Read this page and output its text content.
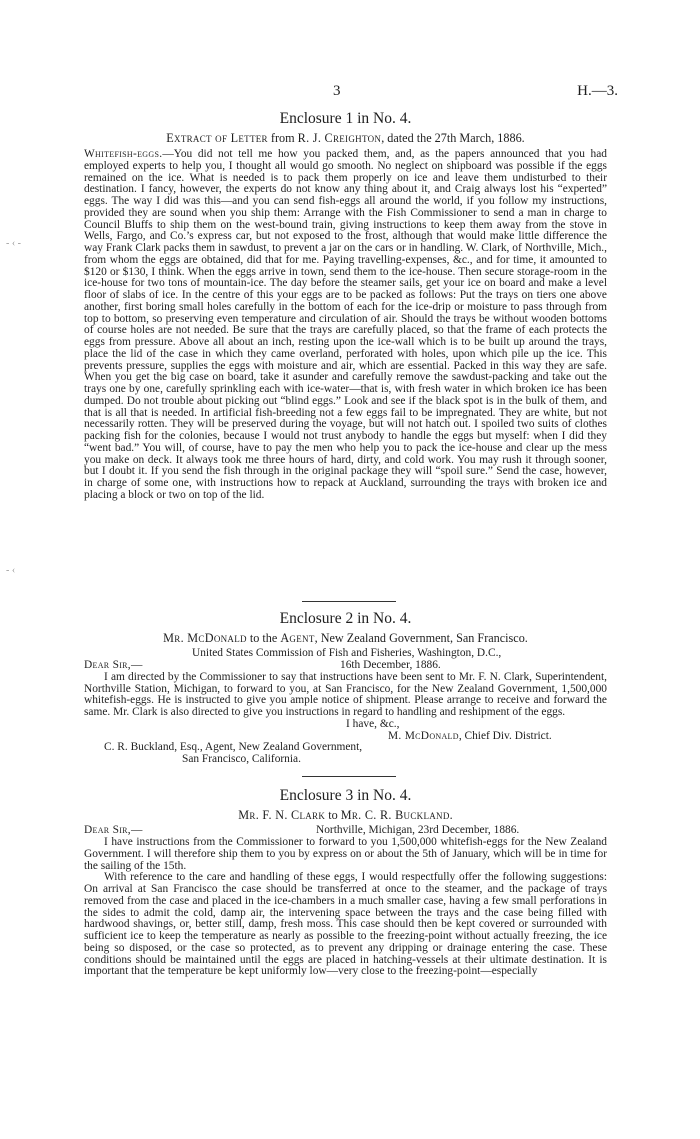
3	H.—3.
- ‹ -
- ‹
Enclosure 1 in No. 4.
Extract of Letter from R. J. Creighton, dated the 27th March, 1886.

Whitefish-eggs.—You did not tell me how you packed them, and, as the papers announced that you had employed experts to help you, I thought all would go smooth. No neglect on shipboard was possible if the eggs remained on the ice. What is needed is to pack them properly on ice and leave them undisturbed to their destination. I fancy, however, the experts do not know any thing about it, and Craig always lost his “experted” eggs. The way I did was this—and you can send fish-eggs all around the world, if you follow my instructions, provided they are sound when you ship them: Arrange with the Fish Commissioner to send a man in charge to Council Bluffs to ship them on the west-bound train, giving instructions to keep them away from the stove in Wells, Fargo, and Co.’s express car, but not exposed to the frost, although that would make little difference the way Frank Clark packs them in sawdust, to prevent a jar on the cars or in handling. W. Clark, of Northville, Mich., from whom the eggs are obtained, did that for me. Paying travelling-expenses, &c., and for time, it amounted to $120 or $130, I think. When the eggs arrive in town, send them to the ice-house. Then secure storage-room in the ice-house for two tons of mountain-ice. The day before the steamer sails, get your ice on board and make a level floor of slabs of ice. In the centre of this your eggs are to be packed as follows: Put the trays on tiers one above another, first boring small holes carefully in the bottom of each for the ice-drip or moisture to pass through from top to bottom, so preserving even temperature and circulation of air. Should the trays be without wooden bottoms of course holes are not needed. Be sure that the trays are carefully placed, so that the frame of each protects the eggs from pressure. Above all about an inch, resting upon the ice-wall which is to be built up around the trays, place the lid of the case in which they came overland, perforated with holes, upon which pile up the ice. This prevents pressure, supplies the eggs with moisture and air, which are essential. Packed in this way they are safe. When you get the big case on board, take it asunder and carefully remove the sawdust-packing and take out the trays one by one, carefully sprinkling each with ice-water—that is, with fresh water in which broken ice has been dumped. Do not trouble about picking out “blind eggs.” Look and see if the black spot is in the bulk of them, and that is all that is needed. In artificial fish-breeding not a few eggs fail to be impregnated. They are white, but not necessarily rotten. They will be preserved during the voyage, but will not hatch out. I spoiled two suits of clothes packing fish for the colonies, because I would not trust anybody to handle the eggs but myself: when I did they “went bad.” You will, of course, have to pay the men who help you to pack the ice-house and clear up the mess you make on deck. It always took me three hours of hard, dirty, and cold work. You may rush it through sooner, but I doubt it. If you send the fish through in the original package they will “spoil sure.” Send the case, however, in charge of some one, with instructions how to repack at Auckland, surrounding the trays with broken ice and placing a block or two on top of the lid.

Enclosure 2 in No. 4.
Mr. McDonald to the Agent, New Zealand Government, San Francisco.
United States Commission of Fish and Fisheries, Washington, D.C.,
Dear Sir,—	16th December, 1886.

I am directed by the Commissioner to say that instructions have been sent to Mr. F. N. Clark, Superintendent, Northville Station, Michigan, to forward to you, at San Francisco, for the New Zealand Government, 1,500,000 whitefish-eggs. He is instructed to give you ample notice of shipment. Please arrange to receive and forward the same. Mr. Clark is also directed to give you instructions in regard to handling and reshipment of the eggs.

I have, &c.,
M. McDonald, Chief Div. District.
C. R. Buckland, Esq., Agent, New Zealand Government,
San Francisco, California.
Enclosure 3 in No. 4.
Mr. F. N. Clark to Mr. C. R. Buckland.
Dear Sir,—	Northville, Michigan, 23rd December, 1886.

I have instructions from the Commissioner to forward to you 1,500,000 whitefish-eggs for the New Zealand Government. I will therefore ship them to you by express on or about the 5th of January, which will be in time for the sailing of the 15th.

With reference to the care and handling of these eggs, I would respectfully offer the following suggestions: On arrival at San Francisco the case should be transferred at once to the steamer, and the package of trays removed from the case and placed in the ice-chambers in a much smaller case, having a few small perforations in the sides to admit the cold, damp air, the intervening space between the trays and the case being filled with hardwood shavings, or, better still, damp, fresh moss. This case should then be kept covered or surrounded with sufficient ice to keep the temperature as nearly as possible to the freezing-point without actually freezing, the ice being so disposed, or the case so protected, as to prevent any dripping or drainage entering the case. These conditions should be maintained until the eggs are placed in hatching-vessels at their ultimate destination. It is important that the temperature be kept uniformly low—very close to the freezing-point—especially
